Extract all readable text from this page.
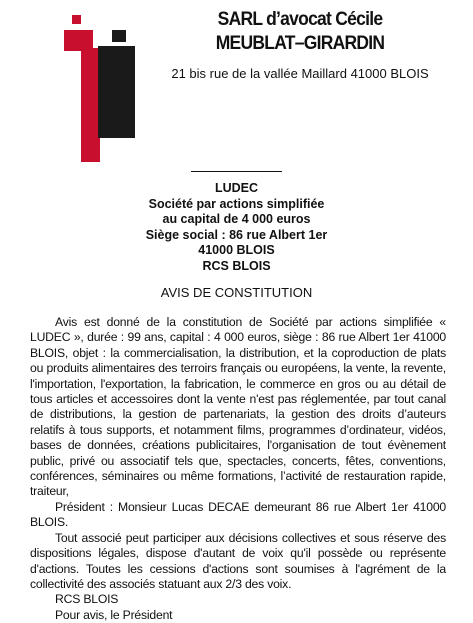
SARL d’avocat Cécile
MEUBLAT–GIRARDIN
21 bis rue de la vallée Maillard 41000 BLOIS
LUDEC
Société par actions simplifiée
au capital de 4 000 euros
Siège social : 86 rue Albert 1er
41000 BLOIS
RCS BLOIS
AVIS DE CONSTITUTION

Avis est donné de la constitution de Société par actions simplifiée « LUDEC », durée : 99 ans, capital : 4 000 euros, siège : 86 rue Albert 1er 41000 BLOIS, objet : la commercialisation, la distribution, et la coproduction de plats ou produits alimentaires des terroirs français ou européens, la vente, la revente, l'importation, l'exportation, la fabrication, le commerce en gros ou au détail de tous articles et accessoires dont la vente n'est pas réglementée, par tout canal de distributions, la gestion de partenariats, la gestion des droits d’auteurs relatifs à tous supports, et notamment films, programmes d’ordinateur, vidéos, bases de données, créations publicitaires, l'organisation de tout évènement public, privé ou associatif tels que, spectacles, concerts, fêtes, conventions, conférences, séminaires ou même formations, l’activité de restauration rapide, traiteur,

Président : Monsieur Lucas DECAE demeurant 86 rue Albert 1er 41000 BLOIS.

Tout associé peut participer aux décisions collectives et sous réserve des dispositions légales, dispose d'autant de voix qu'il possède ou représente d'actions. Toutes les cessions d'actions sont soumises à l'agrément de la collectivité des associés statuant aux 2/3 des voix.

RCS BLOIS

Pour avis, le Président
